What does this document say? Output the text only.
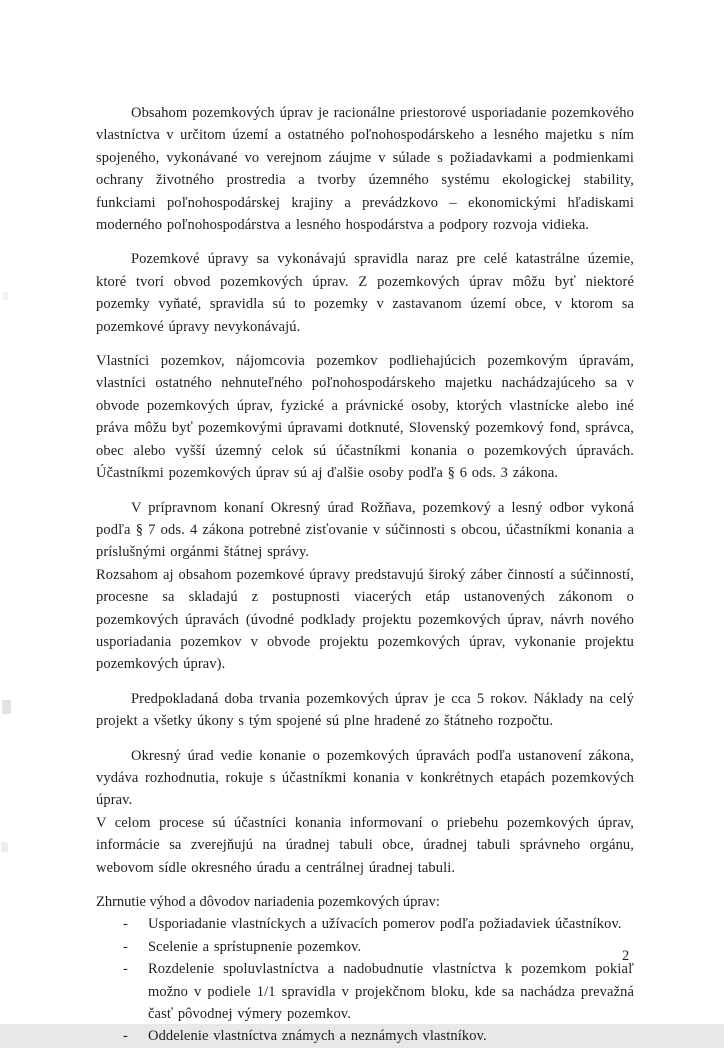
Obsahom pozemkových úprav je racionálne priestorové usporiadanie pozemkového vlastníctva v určitom území a ostatného poľnohospodárskeho a lesného majetku s ním spojeného, vykonávané vo verejnom záujme v súlade s požiadavkami a podmienkami ochrany životného prostredia a tvorby územného systému ekologickej stability, funkciami poľnohospodárskej krajiny a prevádzkovo – ekonomickými hľadiskami moderného poľnohospodárstva a lesného hospodárstva a podpory rozvoja vidieka.

Pozemkové úpravy sa vykonávajú spravidla naraz pre celé katastrálne územie, ktoré tvorí obvod pozemkových úprav. Z pozemkových úprav môžu byť niektoré pozemky vyňaté, spravidla sú to pozemky v zastavanom území obce, v ktorom sa pozemkové úpravy nevykonávajú.

Vlastníci pozemkov, nájomcovia pozemkov podliehajúcich pozemkovým úpravám, vlastníci ostatného nehnuteľného poľnohospodárskeho majetku nachádzajúceho sa v obvode pozemkových úprav, fyzické a právnické osoby, ktorých vlastnícke alebo iné práva môžu byť pozemkovými úpravami dotknuté, Slovenský pozemkový fond, správca, obec alebo vyšší územný celok sú účastníkmi konania o pozemkových úpravách. Účastníkmi pozemkových úprav sú aj ďalšie osoby podľa § 6 ods. 3 zákona.

V prípravnom konaní Okresný úrad Rožňava, pozemkový a lesný odbor vykoná podľa § 7 ods. 4 zákona potrebné zisťovanie v súčinnosti s obcou, účastníkmi konania a príslušnými orgánmi štátnej správy.

Rozsahom aj obsahom pozemkové úpravy predstavujú široký záber činností a súčinností, procesne sa skladajú z postupnosti viacerých etáp ustanovených zákonom o pozemkových úpravách (úvodné podklady projektu pozemkových úprav, návrh nového usporiadania pozemkov v obvode projektu pozemkových úprav, vykonanie projektu pozemkových úprav).

Predpokladaná doba trvania pozemkových úprav je cca 5 rokov. Náklady na celý projekt a všetky úkony s tým spojené sú plne hradené zo štátneho rozpočtu.

Okresný úrad vedie konanie o pozemkových úpravách podľa ustanovení zákona, vydáva rozhodnutia, rokuje s účastníkmi konania v konkrétnych etapách pozemkových úprav.

V celom procese sú účastníci konania informovaní o priebehu pozemkových úprav, informácie sa zverejňujú na úradnej tabuli obce, úradnej tabuli správneho orgánu, webovom sídle okresného úradu a centrálnej úradnej tabuli.

Zhrnutie výhod a dôvodov nariadenia pozemkových úprav:

- Usporiadanie vlastníckych a užívacích pomerov podľa požiadaviek účastníkov.
- Scelenie a sprístupnenie pozemkov.
- Rozdelenie spoluvlastníctva a nadobudnutie vlastníctva k pozemkom pokiaľ možno v podiele 1/1 spravidla v projekčnom bloku, kde sa nachádza prevažná časť pôvodnej výmery pozemkov.
- Oddelenie vlastníctva známych a neznámych vlastníkov.
2
